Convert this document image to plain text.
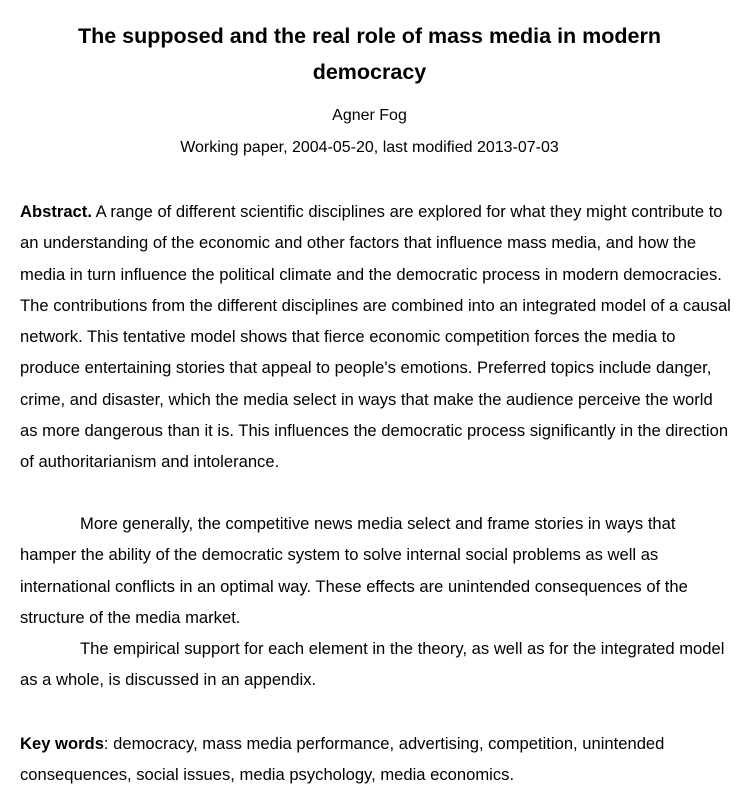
The supposed and the real role of mass media in modern democracy

Agner Fog

Working paper, 2004-05-20, last modified 2013-07-03

Abstract. A range of different scientific disciplines are explored for what they might contribute to an understanding of the economic and other factors that influence mass media, and how the media in turn influence the political climate and the democratic process in modern democracies. The contributions from the different disciplines are combined into an integrated model of a causal network. This tentative model shows that fierce economic competition forces the media to produce entertaining stories that appeal to people's emotions. Preferred topics include danger, crime, and disaster, which the media select in ways that make the audience perceive the world as more dangerous than it is. This influences the democratic process significantly in the direction of authoritarianism and intolerance.

More generally, the competitive news media select and frame stories in ways that hamper the ability of the democratic system to solve internal social problems as well as international conflicts in an optimal way. These effects are unintended consequences of the structure of the media market.

The empirical support for each element in the theory, as well as for the integrated model as a whole, is discussed in an appendix.

Key words: democracy, mass media performance, advertising, competition, unintended consequences, social issues, media psychology, media economics.
